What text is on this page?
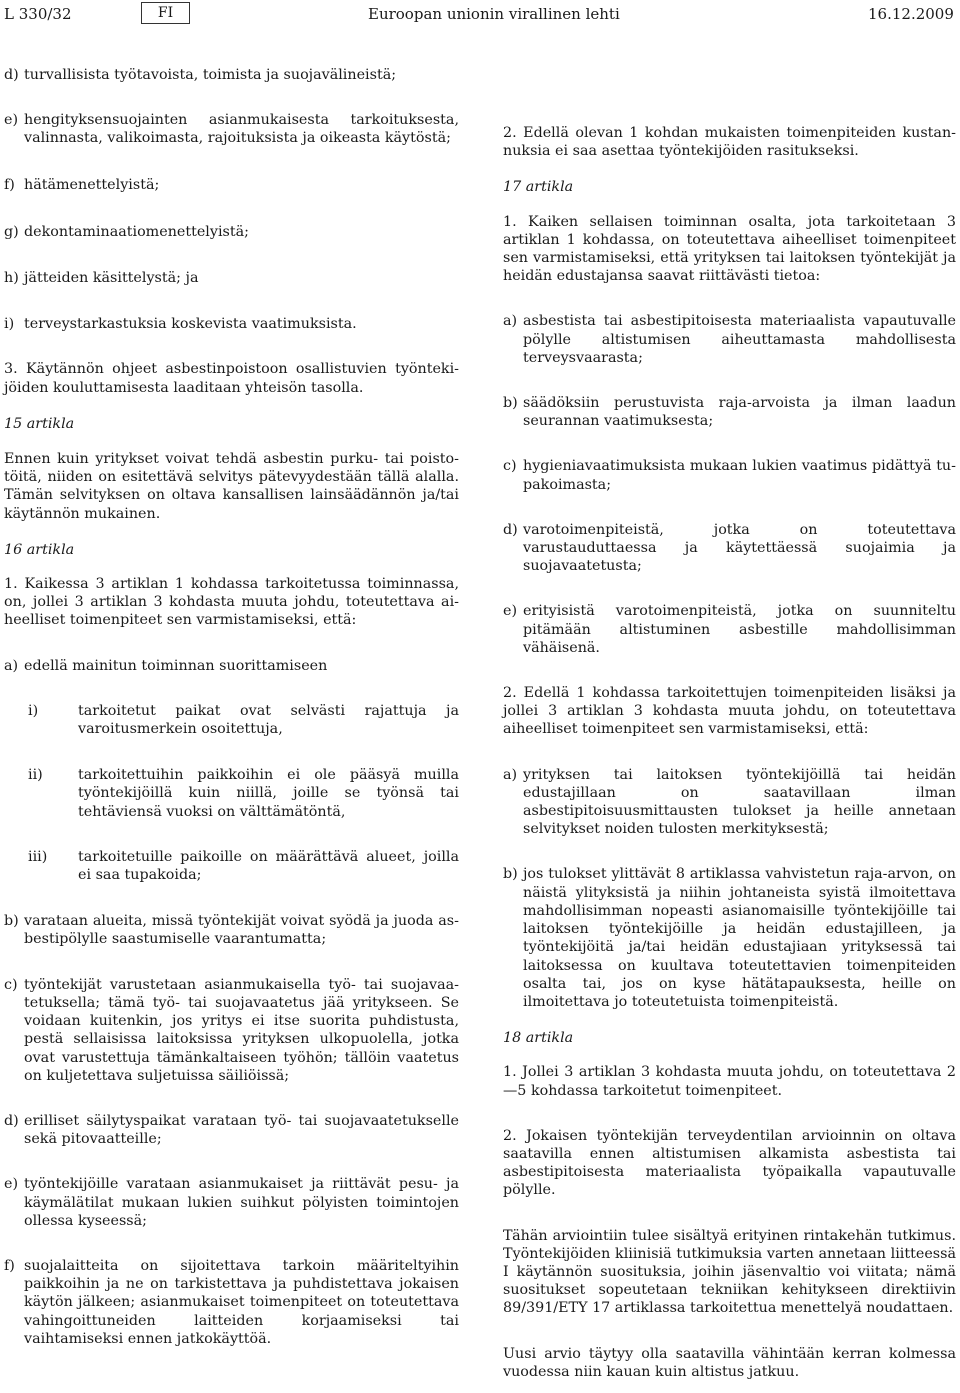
L 330/32	FI	Euroopan unionin virallinen lehti	16.12.2009
d) turvallisista työtavoista, toimista ja suojavälineistä;
e) hengityksensuojainten asianmukaisesta tarkoituksesta, valinnasta, valikoimasta, rajoituksista ja oikeasta käytöstä;
f) hätämenettelyistä;
g) dekontaminaatiomenettelyistä;
h) jätteiden käsittelystä; ja
i) terveystarkastuksia koskevista vaatimuksista.

3. Käytännön ohjeet asbestinpoistoon osallistuvien työntekijöiden kouluttamisesta laaditaan yhteisön tasolla.

15 artikla

Ennen kuin yritykset voivat tehdä asbestin purku- tai poistotöitä, niiden on esitettävä selvitys pätevyydestään tällä alalla. Tämän selvityksen on oltava kansallisen lainsäädännön ja/tai käytännön mukainen.

16 artikla

1. Kaikessa 3 artiklan 1 kohdassa tarkoitetussa toiminnassa, on, jollei 3 artiklan 3 kohdasta muuta johdu, toteutettava aiheelliset toimenpiteet sen varmistamiseksi, että:

a) edellä mainitun toiminnan suorittamiseen
i)	tarkoitetut paikat ovat selvästi rajattuja ja varoitusmerkein osoitettuja,
ii)	tarkoitettuihin paikkoihin ei ole pääsyä muilla työntekijöillä kuin niillä, joille se työnsä tai tehtäviensä vuoksi on välttämätöntä,
iii)	tarkoitetuille paikoille on määrättävä alueet, joilla ei saa tupakoida;
b) varataan alueita, missä työntekijät voivat syödä ja juoda asbestipölylle saastumiselle vaarantumatta;
c) työntekijät varustetaan asianmukaisella työ- tai suojavaatetuksella; tämä työ- tai suojavaatetus jää yritykseen. Se voidaan kuitenkin, jos yritys ei itse suorita puhdistusta, pestä sellaisissa laitoksissa yrityksen ulkopuolella, jotka ovat varustettuja tämänkaltaiseen työhön; tällöin vaatetus on kuljetettava suljetuissa säiliöissä;
d) erilliset säilytyspaikat varataan työ- tai suojavaatetukselle sekä pitovaatteille;
e) työntekijöille varataan asianmukaiset ja riittävät pesu- ja käymälätilat mukaan lukien suihkut pölyisten toimintojen ollessa kyseessä;
f) suojalaitteita on sijoitettava tarkoin määriteltyihin paikkoihin ja ne on tarkistettava ja puhdistettava jokaisen käytön jälkeen; asianmukaiset toimenpiteet on toteutettava vahingoittuneiden laitteiden korjaamiseksi tai vaihtamiseksi ennen jatkokäyttöä.

2. Edellä olevan 1 kohdan mukaisten toimenpiteiden kustannuksia ei saa asettaa työntekijöiden rasitukseksi.

17 artikla

1. Kaiken sellaisen toiminnan osalta, jota tarkoitetaan 3 artiklan 1 kohdassa, on toteutettava aiheelliset toimenpiteet sen varmistamiseksi, että yrityksen tai laitoksen työntekijät ja heidän edustajansa saavat riittävästi tietoa:

a) asbestista tai asbestipitoisesta materiaalista vapautuvalle pölylle altistumisen aiheuttamasta mahdollisesta terveysvaarasta;
b) säädöksiin perustuvista raja-arvoista ja ilman laadun seurannan vaatimuksesta;
c) hygieniavaatimuksista mukaan lukien vaatimus pidättyä tupakoimasta;
d) varotoimenpiteistä, jotka on toteutettava varustauduttaessa ja käytettäessä suojaimia ja suojavaatetusta;
e) erityisistä varotoimenpiteistä, jotka on suunniteltu pitämään altistuminen asbestille mahdollisimman vähäisenä.

2. Edellä 1 kohdassa tarkoitettujen toimenpiteiden lisäksi ja jollei 3 artiklan 3 kohdasta muuta johdu, on toteutettava aiheelliset toimenpiteet sen varmistamiseksi, että:

a) yrityksen tai laitoksen työntekijöillä tai heidän edustajillaan on saatavillaan ilman asbestipitoisuusmittausten tulokset ja heille annetaan selvitykset noiden tulosten merkityksestä;
b) jos tulokset ylittävät 8 artiklassa vahvistetun raja-arvon, on näistä ylityksistä ja niihin johtaneista syistä ilmoitettava mahdollisimman nopeasti asianomaisille työntekijöille tai laitoksen työntekijöille ja heidän edustajilleen, ja työntekijöitä ja/tai heidän edustajiaan yrityksessä tai laitoksessa on kuultava toteutettavien toimenpiteiden osalta tai, jos on kyse hätätapauksesta, heille on ilmoitettava jo toteutetuista toimenpiteistä.

18 artikla

1. Jollei 3 artiklan 3 kohdasta muuta johdu, on toteutettava 2—5 kohdassa tarkoitetut toimenpiteet.

2. Jokaisen työntekijän terveydentilan arvioinnin on oltava saatavilla ennen altistumisen alkamista asbestista tai asbestipitoisesta materiaalista työpaikalla vapautuvalle pölylle.

Tähän arviointiin tulee sisältyä erityinen rintakehän tutkimus. Työntekijöiden kliinisiä tutkimuksia varten annetaan liitteessä I käytännön suosituksia, joihin jäsenvaltio voi viitata; nämä suositukset sopeutetaan tekniikan kehitykseen direktiivin 89/391/ETY 17 artiklassa tarkoitettua menettelyä noudattaen.

Uusi arvio täytyy olla saatavilla vähintään kerran kolmessa vuodessa niin kauan kuin altistus jatkuu.
